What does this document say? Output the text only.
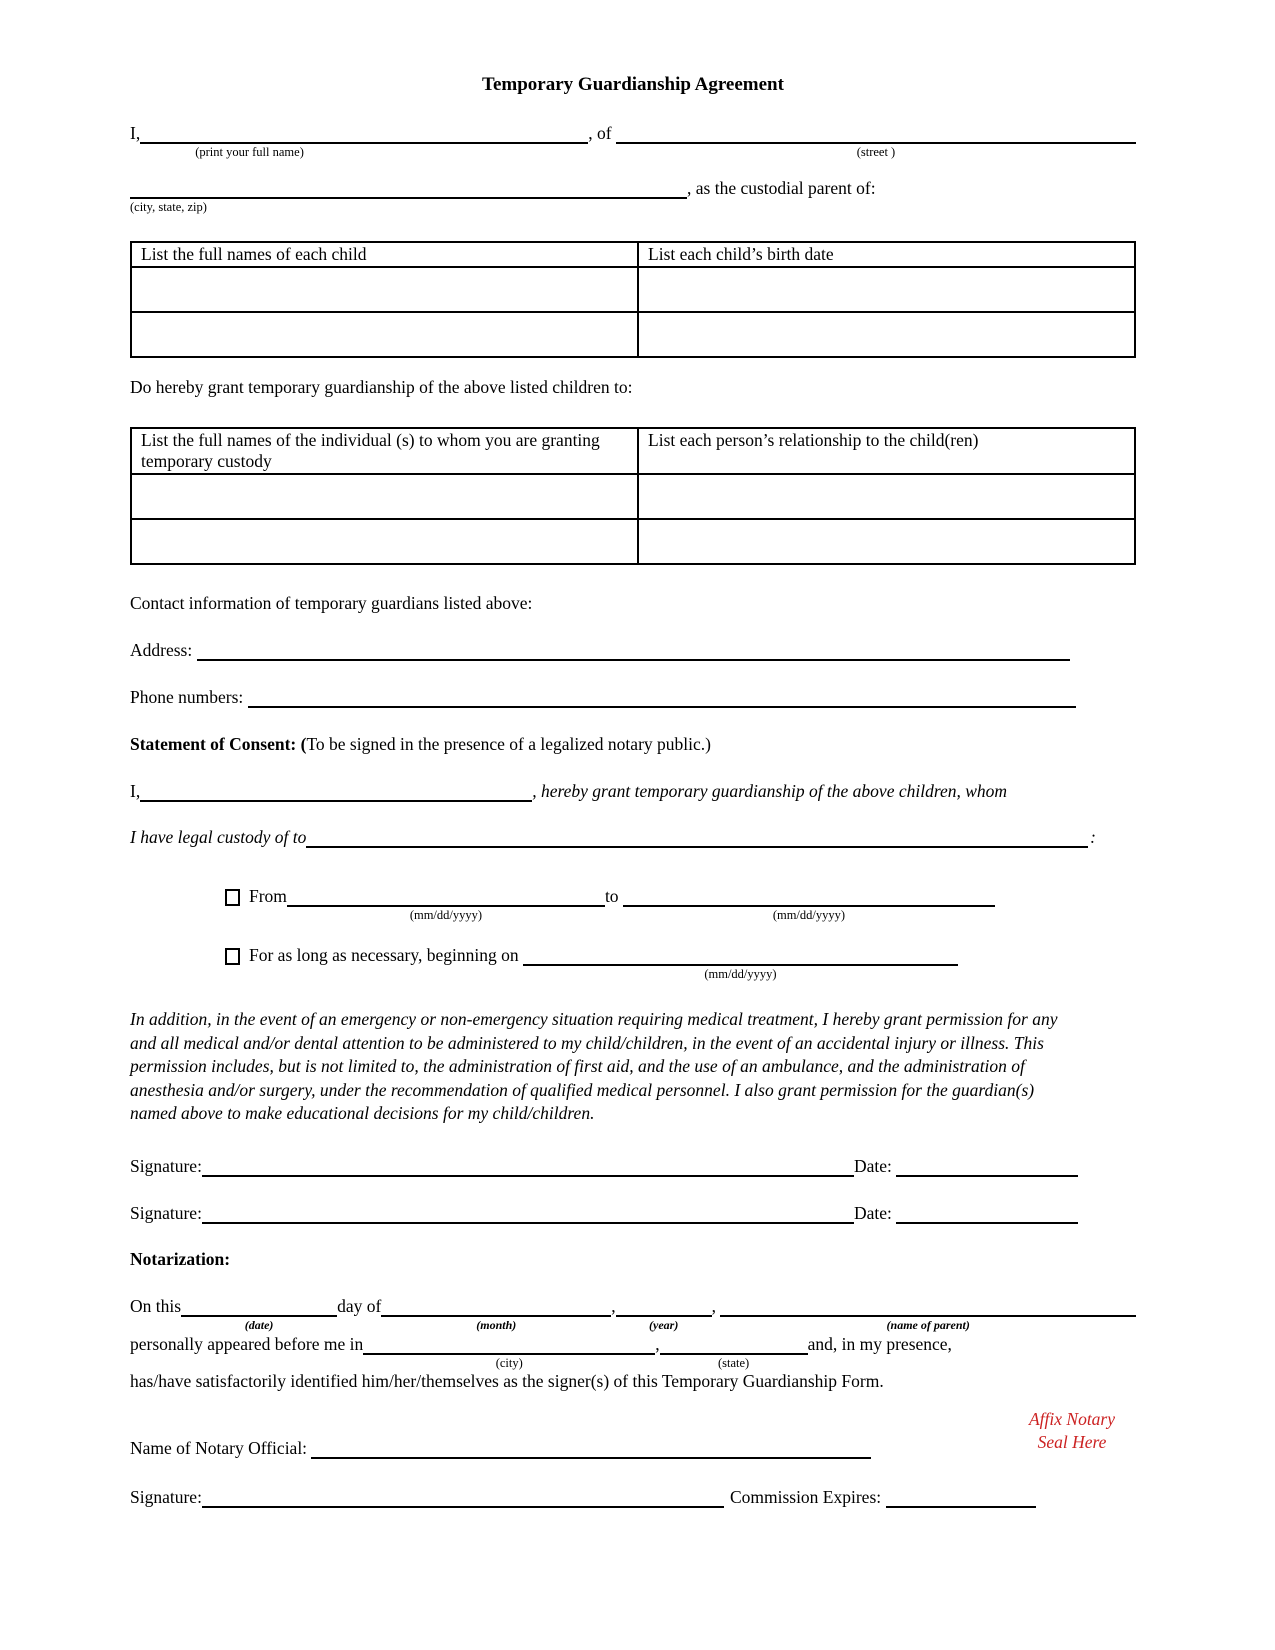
Temporary Guardianship Agreement
I,

(print your full name)

, of

(street )

(city, state, zip)

, as the custodial parent of:
List the full names of each child	List each child’s birth date

Do hereby grant temporary guardianship of the above listed children to:
List the full names of the individual (s) to whom you are granting temporary custody	List each person’s relationship to the child(ren)

Contact information of temporary guardians listed above:
Address:
Phone numbers:
Statement of Consent: (To be signed in the presence of a legalized notary public.)
I,	, hereby grant temporary guardianship of the above children, whom
I have legal custody of to	:
From

(mm/dd/yyyy)

to

(mm/dd/yyyy)

For as long as necessary, beginning on

(mm/dd/yyyy)

In addition, in the event of an emergency or non-emergency situation requiring medical treatment, I hereby grant permission for any and all medical and/or dental attention to be administered to my child/children, in the event of an accidental injury or illness. This permission includes, but is not limited to, the administration of first aid, and the use of an ambulance, and the administration of anesthesia and/or surgery, under the recommendation of qualified medical personnel. I also grant permission for the guardian(s) named above to make educational decisions for my child/children.

Signature:	Date:
Signature:	Date:
Notarization:
On this

(date)

day of

(month)

,

(year)

,

(name of parent)

personally appeared before me in

(city)

,

(state)

and, in my presence,
has/have satisfactorily identified him/her/themselves as the signer(s) of this Temporary Guardianship Form.
Name of Notary Official:
Affix Notary
Seal Here
Signature:	Commission Expires:
